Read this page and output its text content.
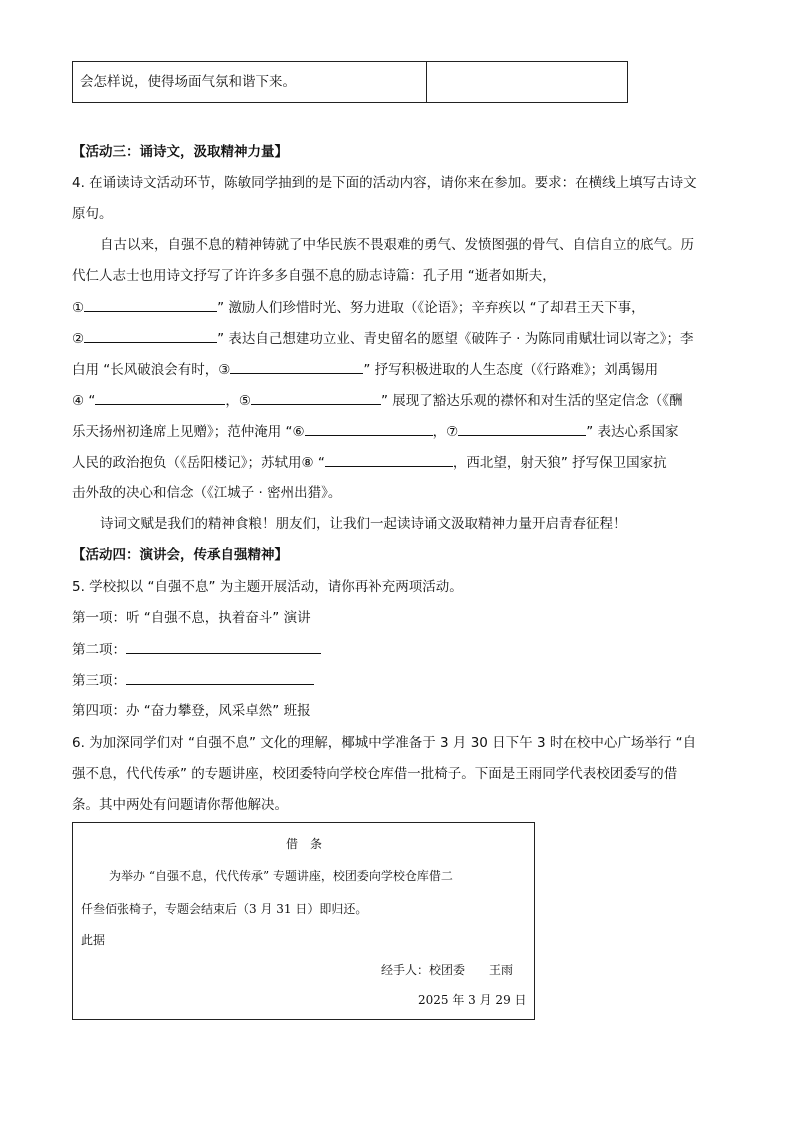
会怎样说，使得场面气氛和谐下来。
【活动三：诵诗文，汲取精神力量】
4. 在诵读诗文活动环节，陈敏同学抽到的是下面的活动内容，请你来在参加。要求：在横线上填写古诗文
原句。
自古以来，自强不息的精神铸就了中华民族不畏艰难的勇气、发愤图强的骨气、自信自立的底气。历
代仁人志士也用诗文抒写了许许多多自强不息的励志诗篇：孔子用 “逝者如斯夫，
①	” 激励人们珍惜时光、努力进取（《论语》；辛弃疾以 “了却君王天下事，
②	” 表达自己想建功立业、青史留名的愿望《破阵子 · 为陈同甫赋壮词以寄之》；李
白用 “长风破浪会有时，③	” 抒写积极进取的人生态度（《行路难》；刘禹锡用
④ “	，⑤	” 展现了豁达乐观的襟怀和对生活的坚定信念（《酬
乐天扬州初逢席上见赠》；范仲淹用 “⑥	，⑦	” 表达心系国家
人民的政治抱负（《岳阳楼记》；苏轼用⑧ “	，西北望，射天狼” 抒写保卫国家抗
击外敌的决心和信念（《江城子 · 密州出猎》。
诗词文赋是我们的精神食粮！朋友们，让我们一起读诗诵文汲取精神力量开启青春征程！
【活动四：演讲会，传承自强精神】
5. 学校拟以 “自强不息” 为主题开展活动，请你再补充两项活动。
第一项：听 “自强不息，执着奋斗” 演讲
第二项：
第三项：
第四项：办 “奋力攀登，风采卓然” 班报
6. 为加深同学们对 “自强不息” 文化的理解，椰城中学准备于 3 月 30 日下午 3 时在校中心广场举行 “自
强不息，代代传承” 的专题讲座，校团委特向学校仓库借一批椅子。下面是王雨同学代表校团委写的借
条。其中两处有问题请你帮他解决。
借　条
为举办 “自强不息，代代传承” 专题讲座，校团委向学校仓库借二
仟叁佰张椅子，专题会结束后（3 月 31 日）即归还。
此据
经手人：校团委　　王雨
2025 年 3 月 29 日
